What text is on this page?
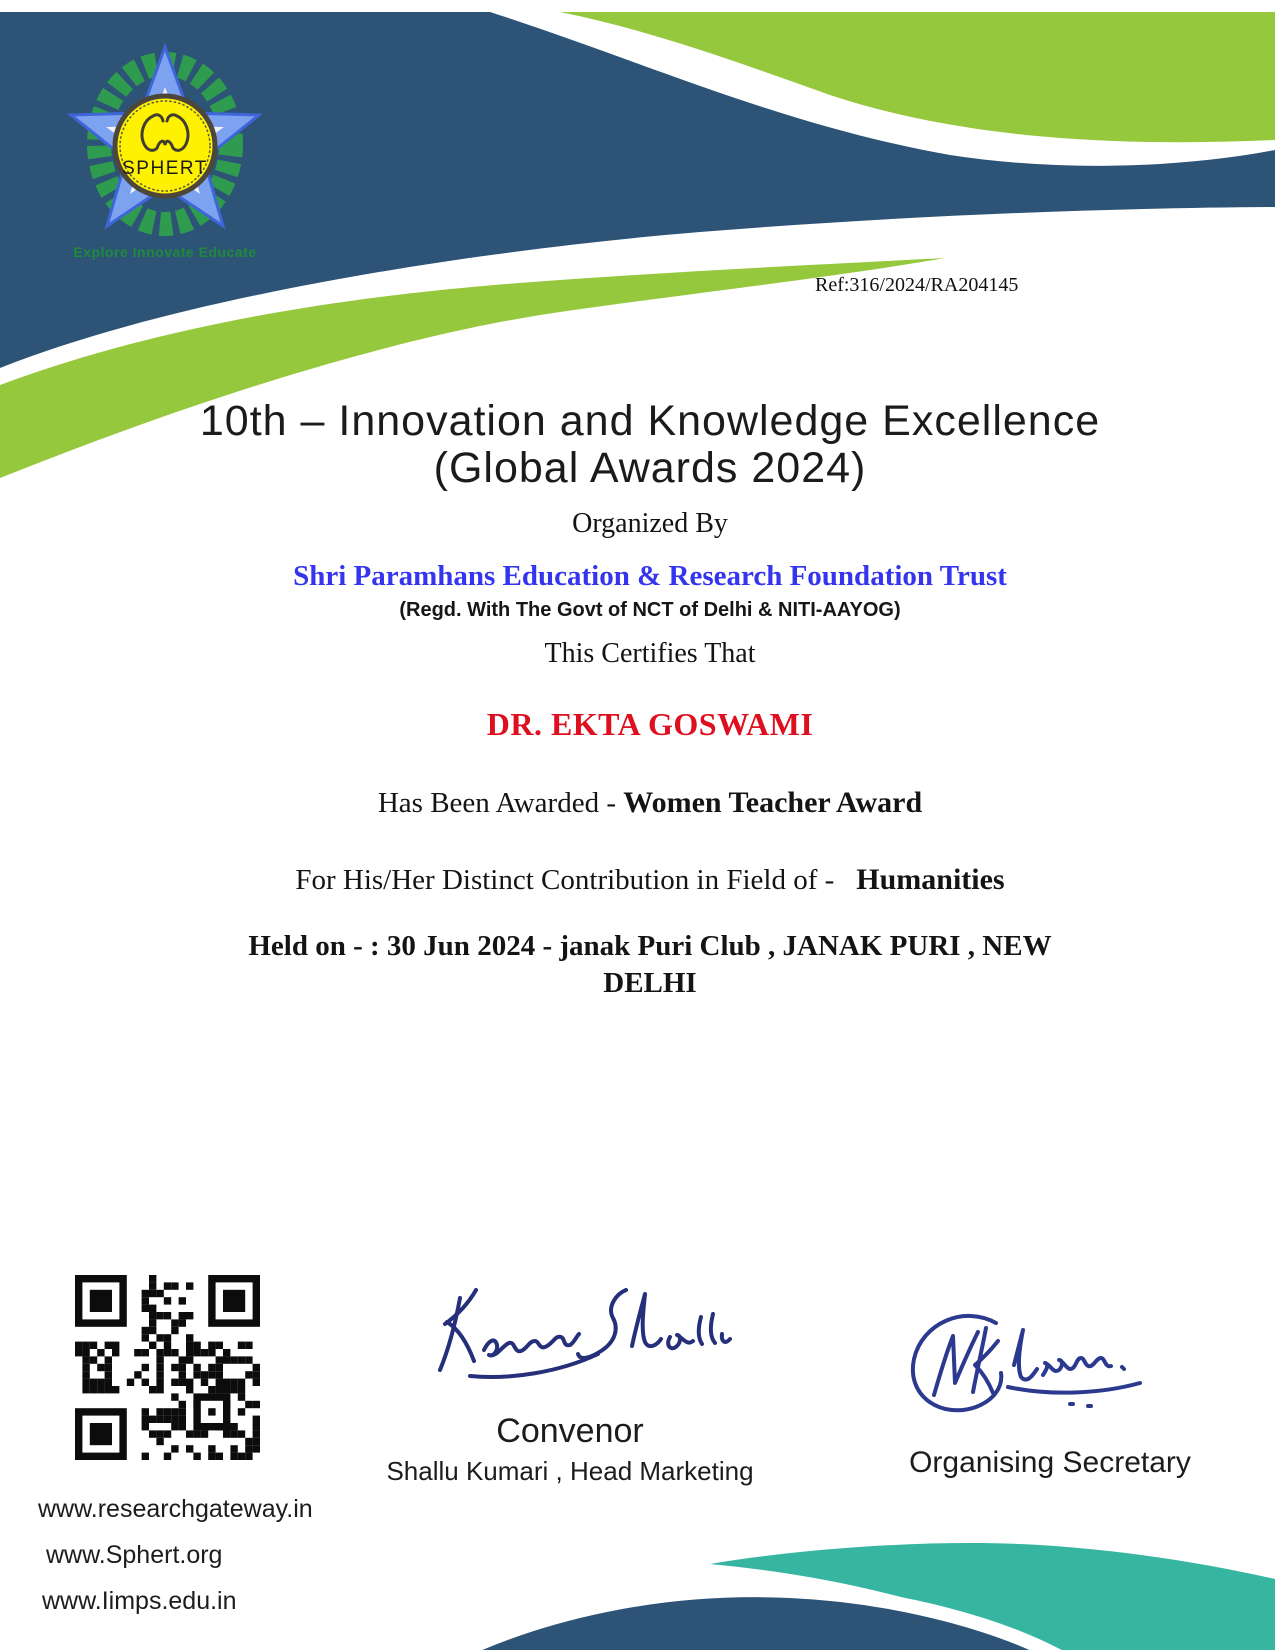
SPHERT
Explore Innovate Educate
Ref:316/2024/RA204145
10th – Innovation and Knowledge Excellence
(Global Awards 2024)
Organized By
Shri Paramhans Education & Research Foundation Trust
(Regd. With The Govt of NCT of Delhi & NITI-AAYOG)
This Certifies That
DR. EKTA GOSWAMI
Has Been Awarded - Women Teacher Award
For His/Her Distinct Contribution in Field of - Humanities
Held on - : 30 Jun 2024 - janak Puri Club , JANAK PURI , NEW
DELHI
Convenor
Shallu Kumari , Head Marketing	Organising Secretary
www.researchgateway.in
www.Sphert.org
www.Iimps.edu.in
